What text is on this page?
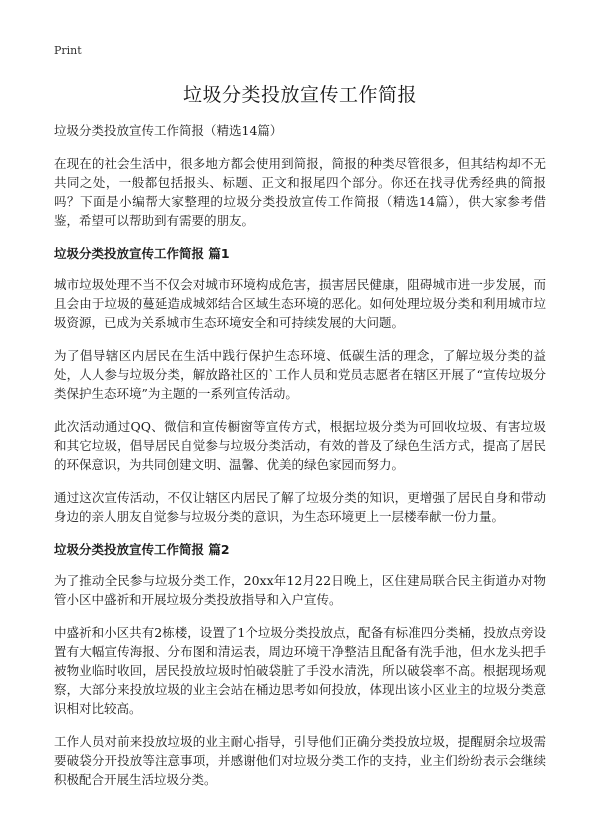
Print
垃圾分类投放宣传工作简报
垃圾分类投放宣传工作简报（精选14篇）

在现在的社会生活中，很多地方都会使用到简报，简报的种类尽管很多，但其结构却不无共同之处，一般都包括报头、标题、正文和报尾四个部分。你还在找寻优秀经典的简报吗？下面是小编帮大家整理的垃圾分类投放宣传工作简报（精选14篇），供大家参考借鉴，希望可以帮助到有需要的朋友。

垃圾分类投放宣传工作简报 篇1

城市垃圾处理不当不仅会对城市环境构成危害，损害居民健康，阻碍城市进一步发展，而且会由于垃圾的蔓延造成城郊结合区域生态环境的恶化。如何处理垃圾分类和利用城市垃圾资源，已成为关系城市生态环境安全和可持续发展的大问题。

为了倡导辖区内居民在生活中践行保护生态环境、低碳生活的理念，了解垃圾分类的益处，人人参与垃圾分类，解放路社区的`工作人员和党员志愿者在辖区开展了“宣传垃圾分类保护生态环境”为主题的一系列宣传活动。

此次活动通过QQ、微信和宣传橱窗等宣传方式，根据垃圾分类为可回收垃圾、有害垃圾和其它垃圾，倡导居民自觉参与垃圾分类活动，有效的普及了绿色生活方式，提高了居民的环保意识，为共同创建文明、温馨、优美的绿色家园而努力。

通过这次宣传活动，不仅让辖区内居民了解了垃圾分类的知识，更增强了居民自身和带动身边的亲人朋友自觉参与垃圾分类的意识，为生态环境更上一层楼奉献一份力量。

垃圾分类投放宣传工作简报 篇2

为了推动全民参与垃圾分类工作，20xx年12月22日晚上，区住建局联合民主街道办对物管小区中盛祈和开展垃圾分类投放指导和入户宣传。

中盛祈和小区共有2栋楼，设置了1个垃圾分类投放点，配备有标准四分类桶，投放点旁设置有大幅宣传海报、分布图和清运表，周边环境干净整洁且配备有洗手池，但水龙头把手被物业临时收回，居民投放垃圾时怕破袋脏了手没水清洗，所以破袋率不高。根据现场观察，大部分来投放垃圾的业主会站在桶边思考如何投放，体现出该小区业主的垃圾分类意识相对比较高。

工作人员对前来投放垃圾的业主耐心指导，引导他们正确分类投放垃圾，提醒厨余垃圾需要破袋分开投放等注意事项，并感谢他们对垃圾分类工作的支持，业主们纷纷表示会继续积极配合开展生活垃圾分类。
